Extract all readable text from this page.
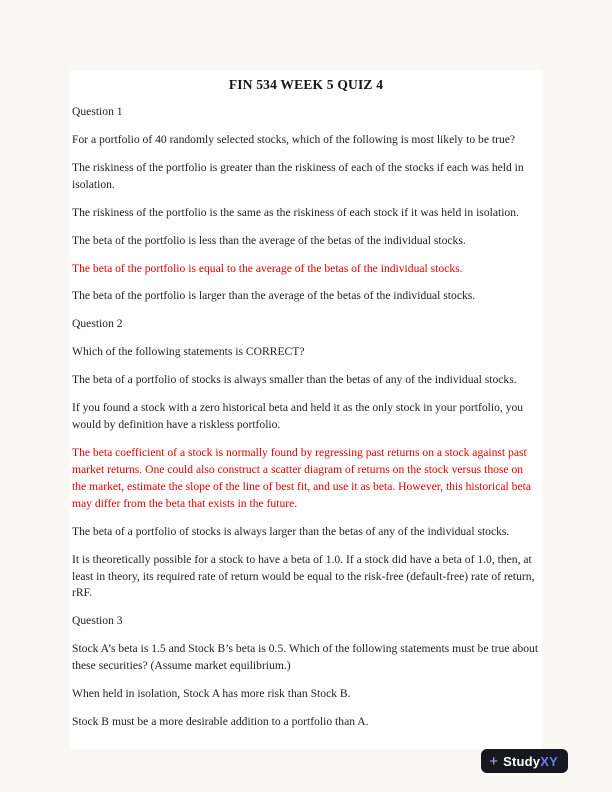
FIN 534 WEEK 5 QUIZ 4

Question 1

For a portfolio of 40 randomly selected stocks, which of the following is most likely to be true?

The riskiness of the portfolio is greater than the riskiness of each of the stocks if each was held in isolation.

The riskiness of the portfolio is the same as the riskiness of each stock if it was held in isolation.

The beta of the portfolio is less than the average of the betas of the individual stocks.

The beta of the portfolio is equal to the average of the betas of the individual stocks.

The beta of the portfolio is larger than the average of the betas of the individual stocks.

Question 2

Which of the following statements is CORRECT?

The beta of a portfolio of stocks is always smaller than the betas of any of the individual stocks.

If you found a stock with a zero historical beta and held it as the only stock in your portfolio, you would by definition have a riskless portfolio.

The beta coefficient of a stock is normally found by regressing past returns on a stock against past market returns. One could also construct a scatter diagram of returns on the stock versus those on the market, estimate the slope of the line of best fit, and use it as beta. However, this historical beta may differ from the beta that exists in the future.

The beta of a portfolio of stocks is always larger than the betas of any of the individual stocks.

It is theoretically possible for a stock to have a beta of 1.0. If a stock did have a beta of 1.0, then, at least in theory, its required rate of return would be equal to the risk-free (default-free) rate of return, rRF.

Question 3

Stock A’s beta is 1.5 and Stock B’s beta is 0.5. Which of the following statements must be true about these securities? (Assume market equilibrium.)

When held in isolation, Stock A has more risk than Stock B.

Stock B must be a more desirable addition to a portfolio than A.

+ Study XY
